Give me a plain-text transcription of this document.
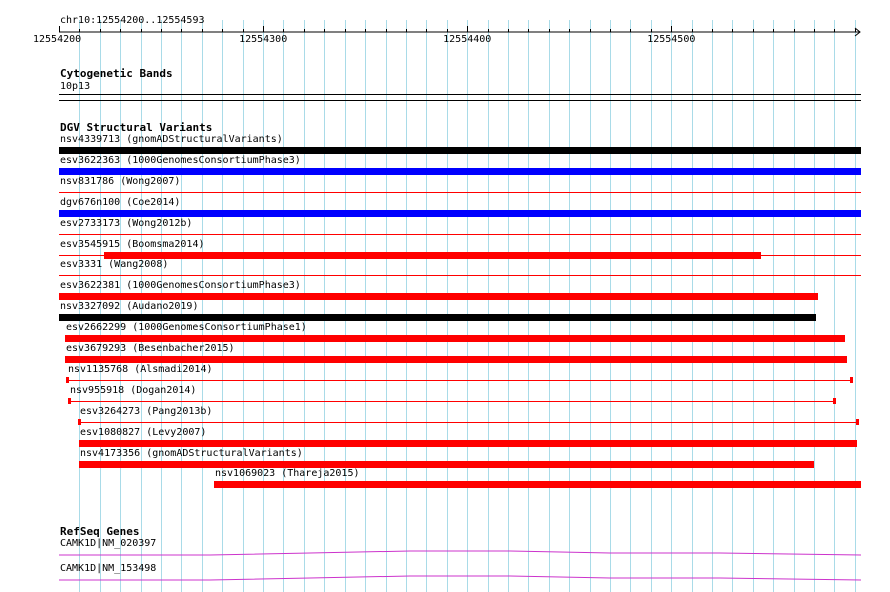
chr10:12554200..12554593
12554200	12554300	12554400	12554500
Cytogenetic Bands
10p13
DGV Structural Variants
nsv4339713 (gnomADStructuralVariants)
esv3622363 (1000GenomesConsortiumPhase3)
nsv831786 (Wong2007)
dgv676n100 (Coe2014)
esv2733173 (Wong2012b)
esv3545915 (Boomsma2014)
esv3331 (Wang2008)
esv3622381 (1000GenomesConsortiumPhase3)
nsv3327092 (Audano2019)
esv2662299 (1000GenomesConsortiumPhase1)
esv3679293 (Besenbacher2015)
nsv1135768 (Alsmadi2014)
nsv955918 (Dogan2014)
esv3264273 (Pang2013b)
esv1080827 (Levy2007)
nsv4173356 (gnomADStructuralVariants)
nsv1069023 (Thareja2015)
RefSeq Genes
CAMK1D|NM_020397
CAMK1D|NM_153498
